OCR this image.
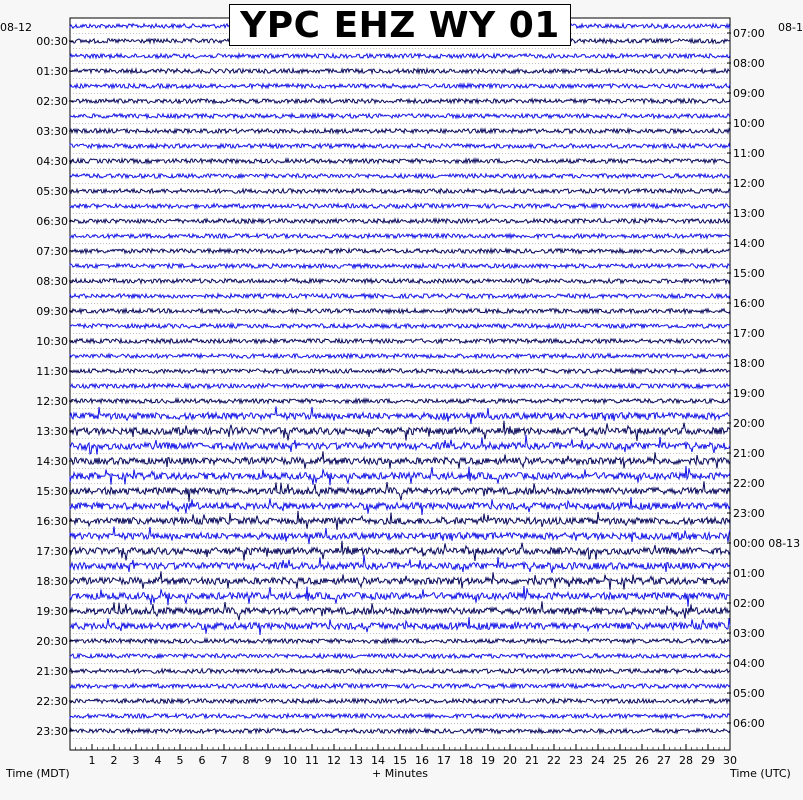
00:30
01:30
02:30
03:30
04:30
05:30
06:30
07:30
08:30
09:30
10:30
11:30
12:30
13:30
14:30
15:30
16:30
17:30
18:30
19:30
20:30
21:30
22:30
23:30
07:00
08:00
09:00
10:00
11:00
12:00
13:00
14:00
15:00
16:00
17:00
18:00
19:00
20:00
21:00
22:00
23:00
00:00 08-13
01:00
02:00
03:00
04:00
05:00
06:00
1 2 3 4 5 6 7 8 9 10 11 12 13 14 15 16 17 18 19 20 21 22 23 24 25 26 27 28 29 30
YPC EHZ WY 01
08-12	08-1
Time (MDT)	+ Minutes	Time (UTC)
